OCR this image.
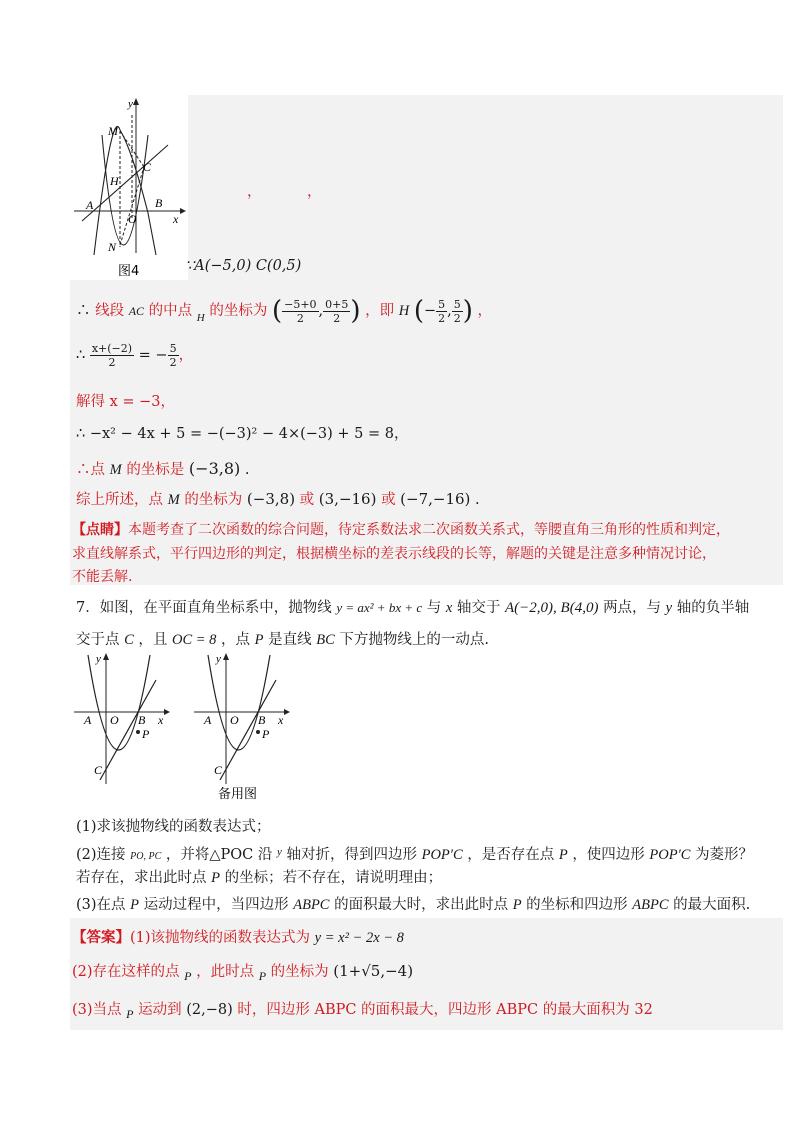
y
M
C
H
A
O
B
x
N
图4
，	，
∵A(−5,0) C(0,5)
∴ 线段 AC 的中点 $_H$ 的坐标为 ( $\frac{-5+0}{2}$ , $\frac{0+5}{2}$ ) ，即 H (− $\frac{5}{2}$ , $\frac{5}{2}$ ) ，
∴ $\frac{x+(-2)}{2}$ = − $\frac{5}{2}$ ，
解得 x = −3，
∴ −x² − 4x + 5 = −(−3)² − 4×(−3) + 5 = 8，
∴点 M 的坐标是 (−3,8) .
综上所述，点 M 的坐标为 (−3,8) 或 (3,−16) 或 (−7,−16) .
【点睛】本题考查了二次函数的综合问题，待定系数法求二次函数关系式，等腰直角三角形的性质和判定，
求直线解系式，平行四边形的判定，根据横坐标的差表示线段的长等，解题的关键是注意多种情况讨论，
不能丢解.
7．如图，在平面直角坐标系中，抛物线 y = ax² + bx + c 与 x 轴交于 A(−2,0), B(4,0) 两点，与 y 轴的负半轴
交于点 C ，且 OC = 8 ，点 P 是直线 BC 下方抛物线上的一动点.
y
A O B x
P
C
y
A O B x
P
C
备用图
(1)求该抛物线的函数表达式；
(2)连接 PO, PC ，并将△POC 沿 $^y$ 轴对折，得到四边形 POP′C ，是否存在点 P ，使四边形 POP′C 为菱形？
若存在，求出此时点 P 的坐标；若不存在，请说明理由；
(3)在点 P 运动过程中，当四边形 ABPC 的面积最大时，求出此时点 P 的坐标和四边形 ABPC 的最大面积.
【答案】(1)该抛物线的函数表达式为 y = x² − 2x − 8
(2)存在这样的点 $_P$ ，此时点 $_P$ 的坐标为 (1+√5,−4)
(3)当点 $_P$ 运动到 (2,−8) 时，四边形 ABPC 的面积最大，四边形 ABPC 的最大面积为 32
